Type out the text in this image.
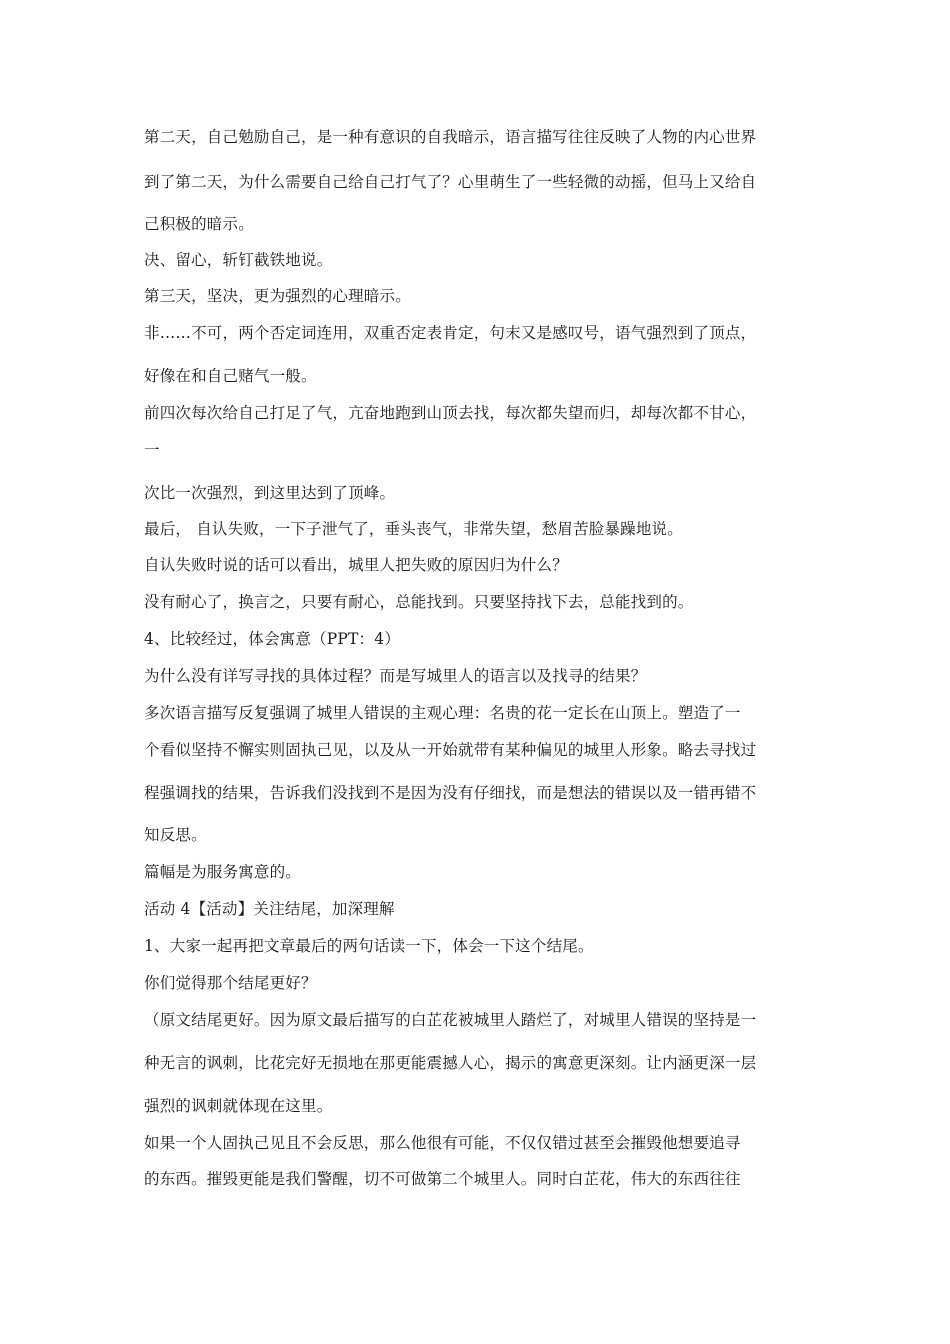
第二天，自己勉励自己，是一种有意识的自我暗示，语言描写往往反映了人物的内心世界
到了第二天，为什么需要自己给自己打气了？心里萌生了一些轻微的动摇，但马上又给自
己积极的暗示。
决、留心，斩钉截铁地说。
第三天，坚决，更为强烈的心理暗示。
非……不可，两个否定词连用，双重否定表肯定，句末又是感叹号，语气强烈到了顶点，
好像在和自己赌气一般。
前四次每次给自己打足了气，亢奋地跑到山顶去找，每次都失望而归，却每次都不甘心，
一
次比一次强烈，到这里达到了顶峰。
最后， 自认失败，一下子泄气了，垂头丧气，非常失望，愁眉苦脸暴躁地说。
自认失败时说的话可以看出，城里人把失败的原因归为什么？
没有耐心了，换言之，只要有耐心，总能找到。只要坚持找下去，总能找到的。
4、比较经过，体会寓意（PPT：4）
为什么没有详写寻找的具体过程？而是写城里人的语言以及找寻的结果？
多次语言描写反复强调了城里人错误的主观心理：名贵的花一定长在山顶上。塑造了一
个看似坚持不懈实则固执己见，以及从一开始就带有某种偏见的城里人形象。略去寻找过
程强调找的结果，告诉我们没找到不是因为没有仔细找，而是想法的错误以及一错再错不
知反思。
篇幅是为服务寓意的。
活动 4【活动】关注结尾，加深理解
1、大家一起再把文章最后的两句话读一下，体会一下这个结尾。
你们觉得那个结尾更好？
（原文结尾更好。因为原文最后描写的白芷花被城里人踏烂了，对城里人错误的坚持是一
种无言的讽刺，比花完好无损地在那更能震撼人心，揭示的寓意更深刻。让内涵更深一层
强烈的讽刺就体现在这里。
如果一个人固执己见且不会反思，那么他很有可能，不仅仅错过甚至会摧毁他想要追寻
的东西。摧毁更能是我们警醒，切不可做第二个城里人。同时白芷花，伟大的东西往往
